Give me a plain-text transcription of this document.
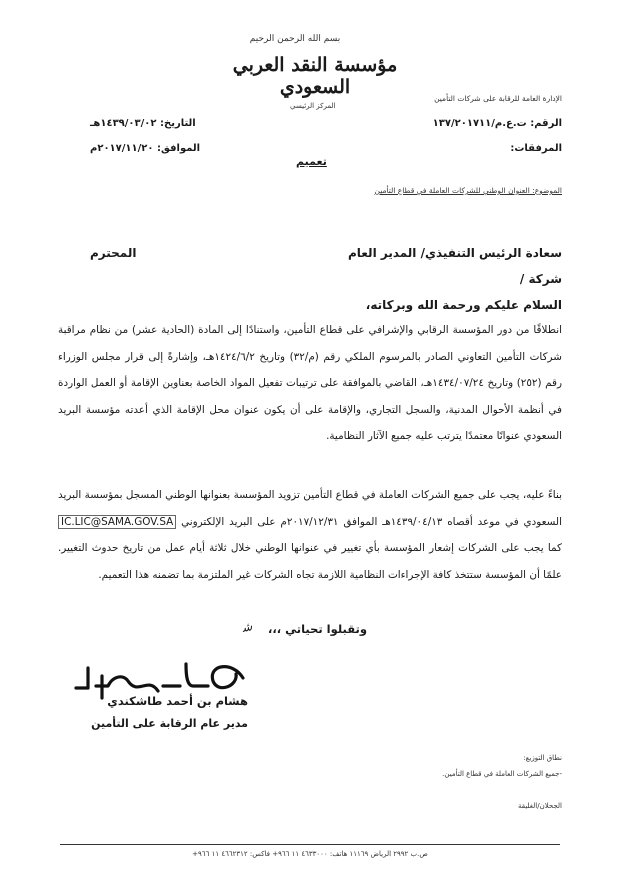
بسم الله الرحمن الرحيم
مؤسسة النقد العربي السعودي
المركز الرئيسي
الإدارة العامة للرقابة على شركات التأمين
الرقم: ت.ع.م/١٣٧/٢٠١٧١١
المرفقات:
التاريخ: ١٤٣٩/٠٣/٠٢هـ
الموافق: ٢٠١٧/١١/٢٠م
تعميم
الموضوع: العنوان الوطني للشركات العاملة في قطاع التأمين
سعادة الرئيس التنفيذي/ المدير العام
المحترم
شركة /
السلام عليكم ورحمة الله وبركاته،
انطلاقًا من دور المؤسسة الرقابي والإشرافي على قطاع التأمين، واستنادًا إلى المادة (الحادية عشر) من نظام مراقبة شركات التأمين التعاوني الصادر بالمرسوم الملكي رقم (م/٣٢) وتاريخ ١٤٢٤/٦/٢هـ، وإشارةً إلى قرار مجلس الوزراء رقم (٢٥٢) وتاريخ ١٤٣٤/٠٧/٢٤هـ، القاضي بالموافقة على ترتيبات تفعيل المواد الخاصة بعناوين الإقامة أو العمل الواردة في أنظمة الأحوال المدنية، والسجل التجاري، والإقامة على أن يكون عنوان محل الإقامة الذي أعدته مؤسسة البريد السعودي عنوانًا معتمدًا يترتب عليه جميع الآثار النظامية.
بناءً عليه، يجب على جميع الشركات العاملة في قطاع التأمين تزويد المؤسسة بعنوانها الوطني المسجل بمؤسسة البريد السعودي في موعد أقصاه ١٤٣٩/٠٤/١٣هـ الموافق ٢٠١٧/١٢/٣١م على البريد الإلكتروني IC.LIC@SAMA.GOV.SA كما يجب على الشركات إشعار المؤسسة بأي تغيير في عنوانها الوطني خلال ثلاثة أيام عمل من تاريخ حدوث التغيير. علمًا أن المؤسسة ستتخذ كافة الإجراءات النظامية اللازمة تجاه الشركات غير الملتزمة بما تضمنه هذا التعميم.
وتقبلوا تحياتي ،،،
ﺷ
هشام بن أحمد طاشكندي
مدير عام الرقابة على التأمين
نطاق التوزيع:
-جميع الشركات العاملة في قطاع التأمين.
الجحلان/الغليقة
ص.ب ٢٩٩٢ الرياض ١١١٦٩ هاتف: ٤٦٣٣٠٠٠ ١١ ٩٦٦+ فاكس: ٤٦٦٢٣١٢ ١١ ٩٦٦+
